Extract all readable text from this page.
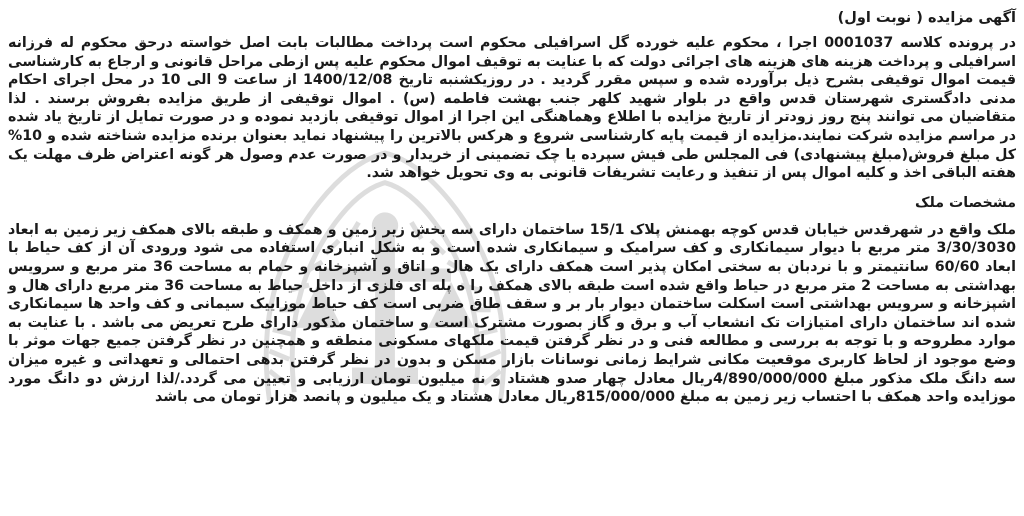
آگهی مزایده ( نوبت اول)

در پرونده کلاسه 0001037 اجرا ، محکوم علیه خورده گل اسرافیلی محکوم است پرداخت مطالبات بابت اصل خواسته درحق محکوم له فرزانه اسرافیلی و پرداخت هزینه های هزینه های اجرائی دولت که با عنایت به توقیف اموال محکوم علیه پس ازطی مراحل قانونی و ارجاع به کارشناسی قیمت اموال توقیفی بشرح ذیل برآورده شده و سپس مقرر گردید . در روزیکشنبه تاریخ 1400/12/08 از ساعت 9 الی 10 در محل اجرای احکام مدنی دادگستری شهرستان قدس واقع در بلوار شهید کلهر جنب بهشت فاطمه (س) . اموال توقیفی از طریق مزایده بفروش برسند . لذا متقاضیان می توانند پنج روز زودتر از تاریخ مزایده با اطلاع وهماهنگی این اجرا از اموال توقیفی بازدید نموده و در صورت تمایل از تاریخ یاد شده در مراسم مزایده شرکت نمایند.مزایده از قیمت پایه کارشناسی شروع و هرکس بالاترین را پیشنهاد نماید بعنوان برنده مزایده شناخته شده و 10% کل مبلغ فروش(مبلغ پیشنهادی) فی المجلس طی فیش سپرده یا چک تضمینی از خریدار و در صورت عدم وصول هر گونه اعتراض ظرف مهلت یک هفته الباقی اخذ و کلیه اموال پس از تنفیذ و رعایت تشریفات قانونی به وی تحویل خواهد شد.

مشخصات ملک

ملک واقع در شهرقدس خیابان قدس کوچه بهمنش پلاک 15/1 ساختمان دارای سه بخش زیر زمین و همکف و طبقه بالای همکف زیر زمین به ابعاد 3/30/3030 متر مربع با دیوار سیمانکاری و کف سرامیک و سیمانکاری شده است و به شکل انباری استفاده می شود ورودی آن از کف حیاط با ابعاد 60/60 سانتیمتر و با نردبان به سختی امکان پذیر است همکف دارای یک هال و اتاق و آشپزخانه و حمام به مساحت 36 متر مربع و سرویس بهداشتی به مساحت 2 متر مربع در حیاط واقع شده است طبقه بالای همکف را ه پله ای فلزی از داخل حیاط به مساحت 36 متر مربع دارای هال و اشپزخانه و سرویس بهداشتی است اسکلت ساختمان دیوار بار بر و سقف طاق ضربی است کف حیاط موزاییک سیمانی و کف واحد ها سیمانکاری شده اند ساختمان دارای امتیازات تک انشعاب آب و برق و گاز بصورت مشترک است و ساختمان مذکور دارای طرح تعریض می باشد . با عنایت به موارد مطروحه و با توجه به بررسی و مطالعه فنی و در نظر گرفتن قیمت ملکهای مسکونی منطقه و همچنین در نظر گرفتن جمیع جهات موثر با وضع موجود از لحاظ کاربری موقعیت مکانی شرایط زمانی نوسانات بازار مسکن و بدون در نظر گرفتن بدهی احتمالی و تعهداتی و غیره میزان سه دانگ ملک مذکور مبلغ 4/890/000/000ریال معادل چهار صدو هشتاد و نه میلیون تومان ارزیابی و تعیین می گردد./لذا ارزش دو دانگ مورد موزایده واحد همکف با احتساب زیر زمین به مبلغ 815/000/000ریال معادل هشتاد و یک میلیون و پانصد هزار تومان می باشد
